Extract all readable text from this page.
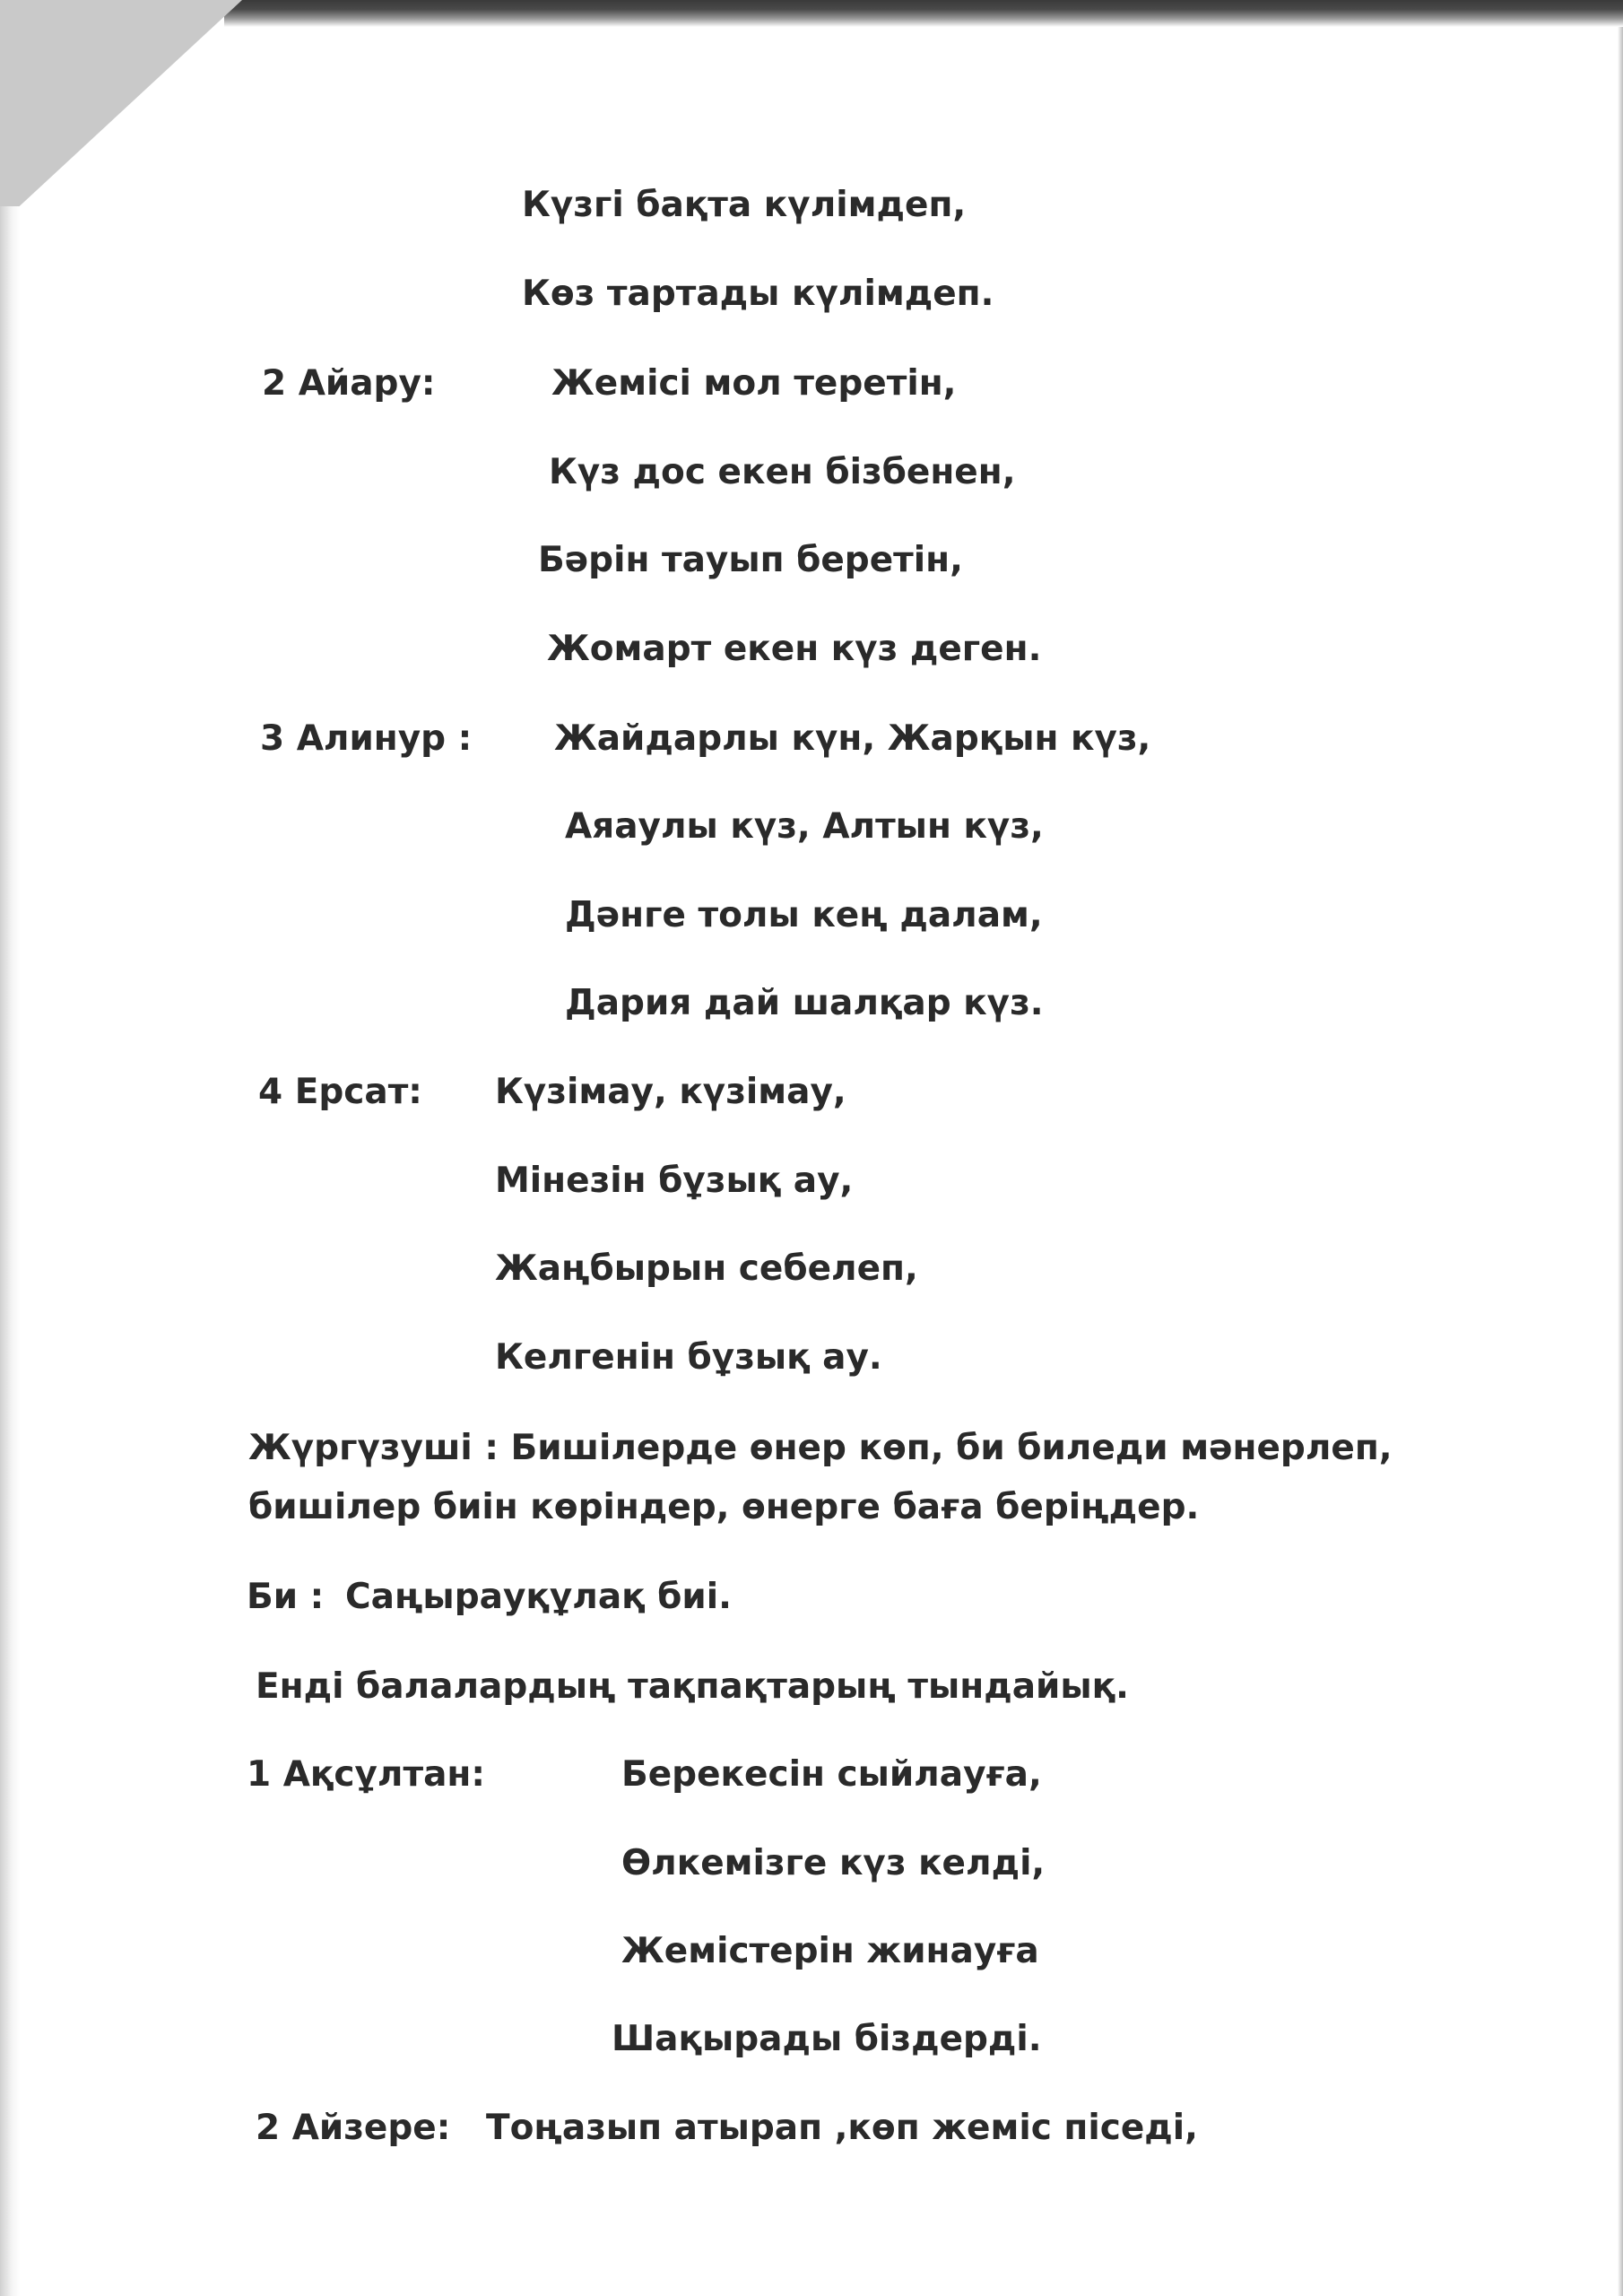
Күзгі бақта күлімдеп,
Көз тартады күлімдеп.
2 Айару:	Жемісі мол теретін,
Күз дос екен бізбенен,
Бәрін тауып беретін,
Жомарт екен күз деген.
3 Алинур : Жайдарлы күн, Жарқын күз,
Аяаулы күз, Алтын күз,
Дәнге толы кең далам,
Дария дай шалқар күз.
4 Ерсат: Күзімау, күзімау,
Мінезін бұзық ау,
Жаңбырын себелеп,
Келгенін бұзық ау.
Жүргүзуші : Бишілерде өнер көп, би биледи мәнерлеп, бишілер биін көріндер, өнерге баға беріңдер.
Би : Саңырауқұлақ биі.
Енді балалардың тақпақтарың тындайық.
1 Ақсұлтан:	Берекесін сыйлауға,
Өлкемізге күз келді,
Жемістерін жинауға
Шақырады біздерді.
2 Айзере: Тоңазып атырап ,көп жеміс піседі,
